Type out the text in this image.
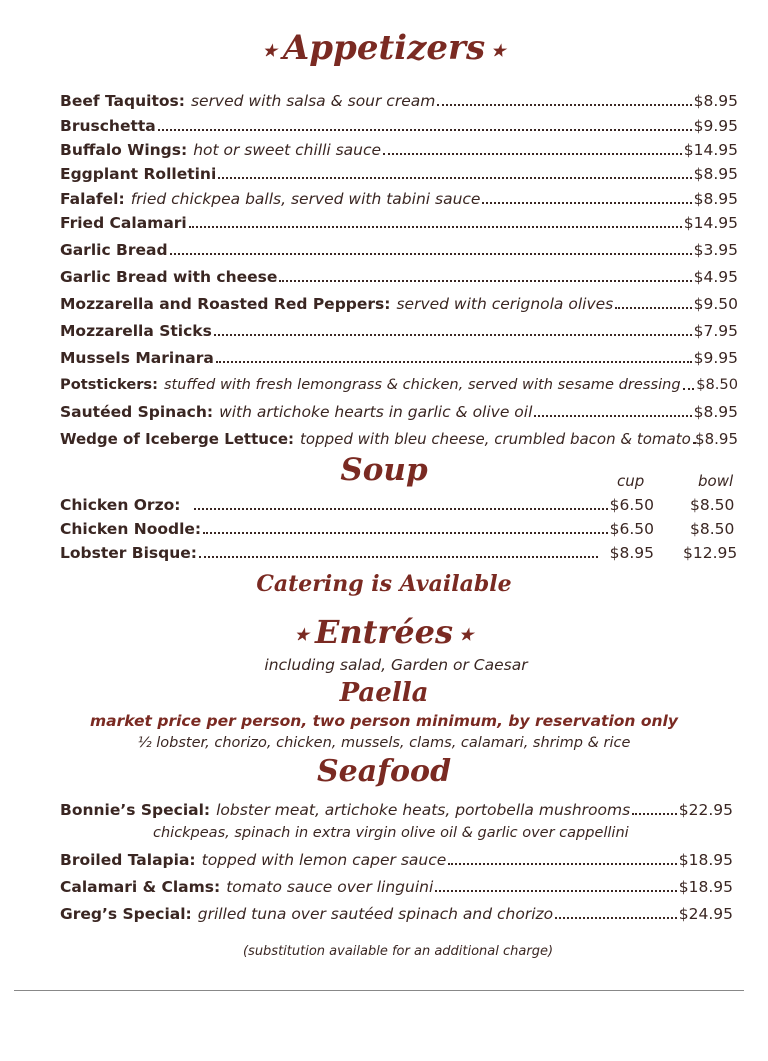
★ Appetizers ★
Beef Taquitos: served with salsa & sour cream	$8.95
Bruschetta	$9.95
Buffalo Wings: hot or sweet chilli sauce	$14.95
Eggplant Rolletini	$8.95
Falafel: fried chickpea balls, served with tabini sauce	$8.95
Fried Calamari	$14.95
Garlic Bread	$3.95
Garlic Bread with cheese	$4.95
Mozzarella and Roasted Red Peppers: served with cerignola olives	$9.50
Mozzarella Sticks	$7.95
Mussels Marinara	$9.95
Potstickers: stuffed with fresh lemongrass & chicken, served with sesame dressing $8.50
Sautéed Spinach: with artichoke hearts in garlic & olive oil	$8.95
Wedge of Iceberge Lettuce: topped with bleu cheese, crumbled bacon & tomato $8.95
Soup	cup	bowl
Chicken Orzo:	$6.50 $8.50
Chicken Noodle:	$6.50 $8.50
Lobster Bisque:	$8.95 $12.95
Catering is Available
★ Entrées ★
including salad, Garden or Caesar
Paella
market price per person, two person minimum, by reservation only
½ lobster, chorizo, chicken, mussels, clams, calamari, shrimp & rice
Seafood
Bonnie’s Special: lobster meat, artichoke heats, portobella mushrooms	$22.95
chickpeas, spinach in extra virgin olive oil & garlic over cappellini
Broiled Talapia: topped with lemon caper sauce	$18.95
Calamari & Clams: tomato sauce over linguini	$18.95
Greg’s Special: grilled tuna over sautéed spinach and chorizo	$24.95
(substitution available for an additional charge)
